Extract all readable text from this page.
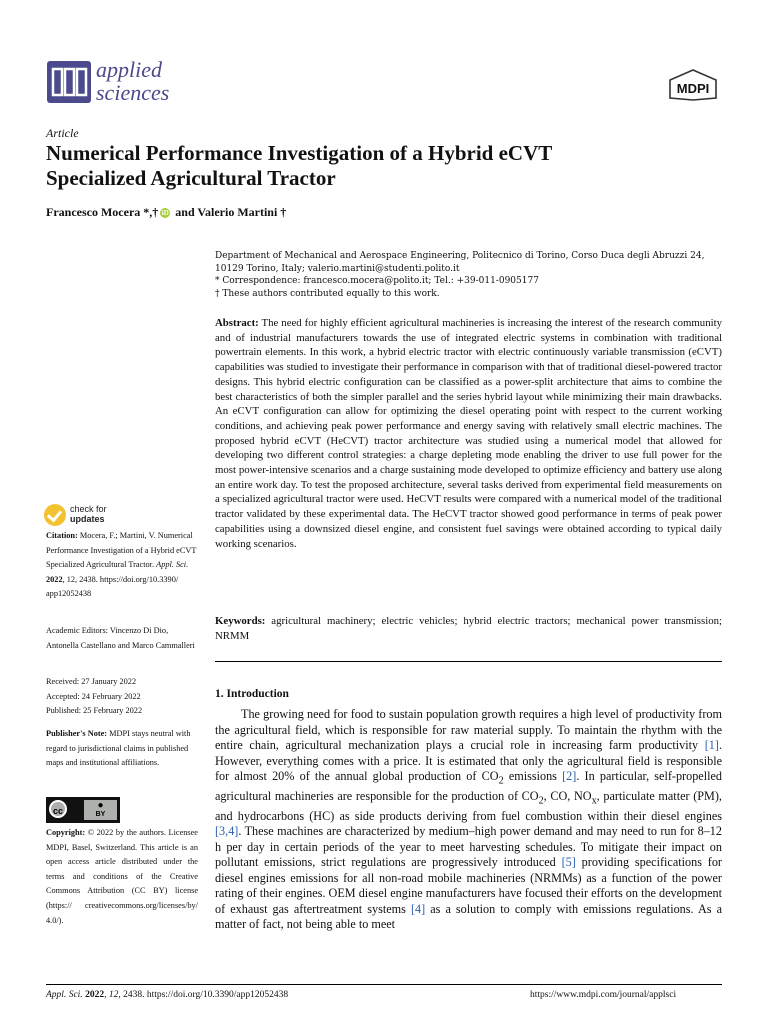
applied
sciences	MDPI
Article
Numerical Performance Investigation of a Hybrid eCVT
Specialized Agricultural Tractor
Francesco Mocera *,† iD and Valerio Martini †

Department of Mechanical and Aerospace Engineering, Politecnico di Torino, Corso Duca degli Abruzzi 24,

10129 Torino, Italy; valerio.martini@studenti.polito.it

* Correspondence: francesco.mocera@polito.it; Tel.: +39-011-0905177

† These authors contributed equally to this work.

Abstract: The need for highly efficient agricultural machineries is increasing the interest of the research community and of industrial manufacturers towards the use of integrated electric systems in combination with traditional powertrain elements. In this work, a hybrid electric tractor with electric continuously variable transmission (eCVT) capabilities was studied to investigate their performance in comparison with that of traditional diesel-powered tractor designs. This hybrid electric configuration can be classified as a power-split architecture that aims to combine the best characteristics of both the simpler parallel and the series hybrid layout while minimizing their main drawbacks. An eCVT configuration can allow for optimizing the diesel operating point with respect to the current working conditions, and achieving peak power performance and energy saving with relatively small electric machines. The proposed hybrid eCVT (HeCVT) tractor architecture was studied using a numerical model that allowed for developing two different control strategies: a charge depleting mode enabling the driver to use full power for the most power-intensive scenarios and a charge sustaining mode developed to optimize efficiency and battery use along an entire work day. To test the proposed architecture, several tasks derived from experimental field measurements on a specialized agricultural tractor were used. HeCVT results were compared with a numerical model of the traditional tractor validated by these experimental data. The HeCVT tractor showed good performance in terms of peak power capabilities using a downsized diesel engine, and consistent fuel savings were obtained according to typical daily working scenarios.
Keywords: agricultural machinery; electric vehicles; hybrid electric tractors; mechanical power transmission; NRMM
1. Introduction
The growing need for food to sustain population growth requires a high level of productivity from the agricultural field, which is responsible for raw material supply. To maintain the rhythm with the entire chain, agricultural mechanization plays a crucial role in increasing farm productivity [1]. However, everything comes with a price. It is estimated that only the agricultural field is responsible for almost 20% of the annual global production of $CO_2$ emissions [2]. In particular, self-propelled agricultural machineries are responsible for the production of $CO_2$, CO, $NO_x$, particulate matter (PM), and hydrocarbons (HC) as side products deriving from fuel combustion within their diesel engines [3,4]. These machines are characterized by medium–high power demand and may need to run for 8–12 h per day in certain periods of the year to meet harvesting schedules. To mitigate their impact on pollutant emissions, strict regulations are progressively introduced [5] providing specifications for diesel engines emissions for all non-road mobile machineries (NRMMs) as a function of the power rating of their engines. OEM diesel engine manufacturers have focused their efforts on the development of exhaust gas aftertreatment systems [4] as a solution to comply with emissions regulations. As a matter of fact, not being able to meet
check for
updates
Citation: Mocera, F.; Martini, V. Numerical Performance Investigation of a Hybrid eCVT Specialized Agricultural Tractor. Appl. Sci. 2022, 12, 2438. https://doi.org/10.3390/ app12052438
Academic Editors: Vincenzo Di Dio, Antonella Castellano and Marco Cammalleri

Received: 27 January 2022

Accepted: 24 February 2022

Published: 25 February 2022

Publisher's Note: MDPI stays neutral with regard to jurisdictional claims in published maps and institutional affiliations.
cc	●
BY
Copyright: © 2022 by the authors. Licensee MDPI, Basel, Switzerland. This article is an open access article distributed under the terms and conditions of the Creative Commons Attribution (CC BY) license (https:// creativecommons.org/licenses/by/ 4.0/).
Appl. Sci. 2022, 12, 2438. https://doi.org/10.3390/app12052438	https://www.mdpi.com/journal/applsci
